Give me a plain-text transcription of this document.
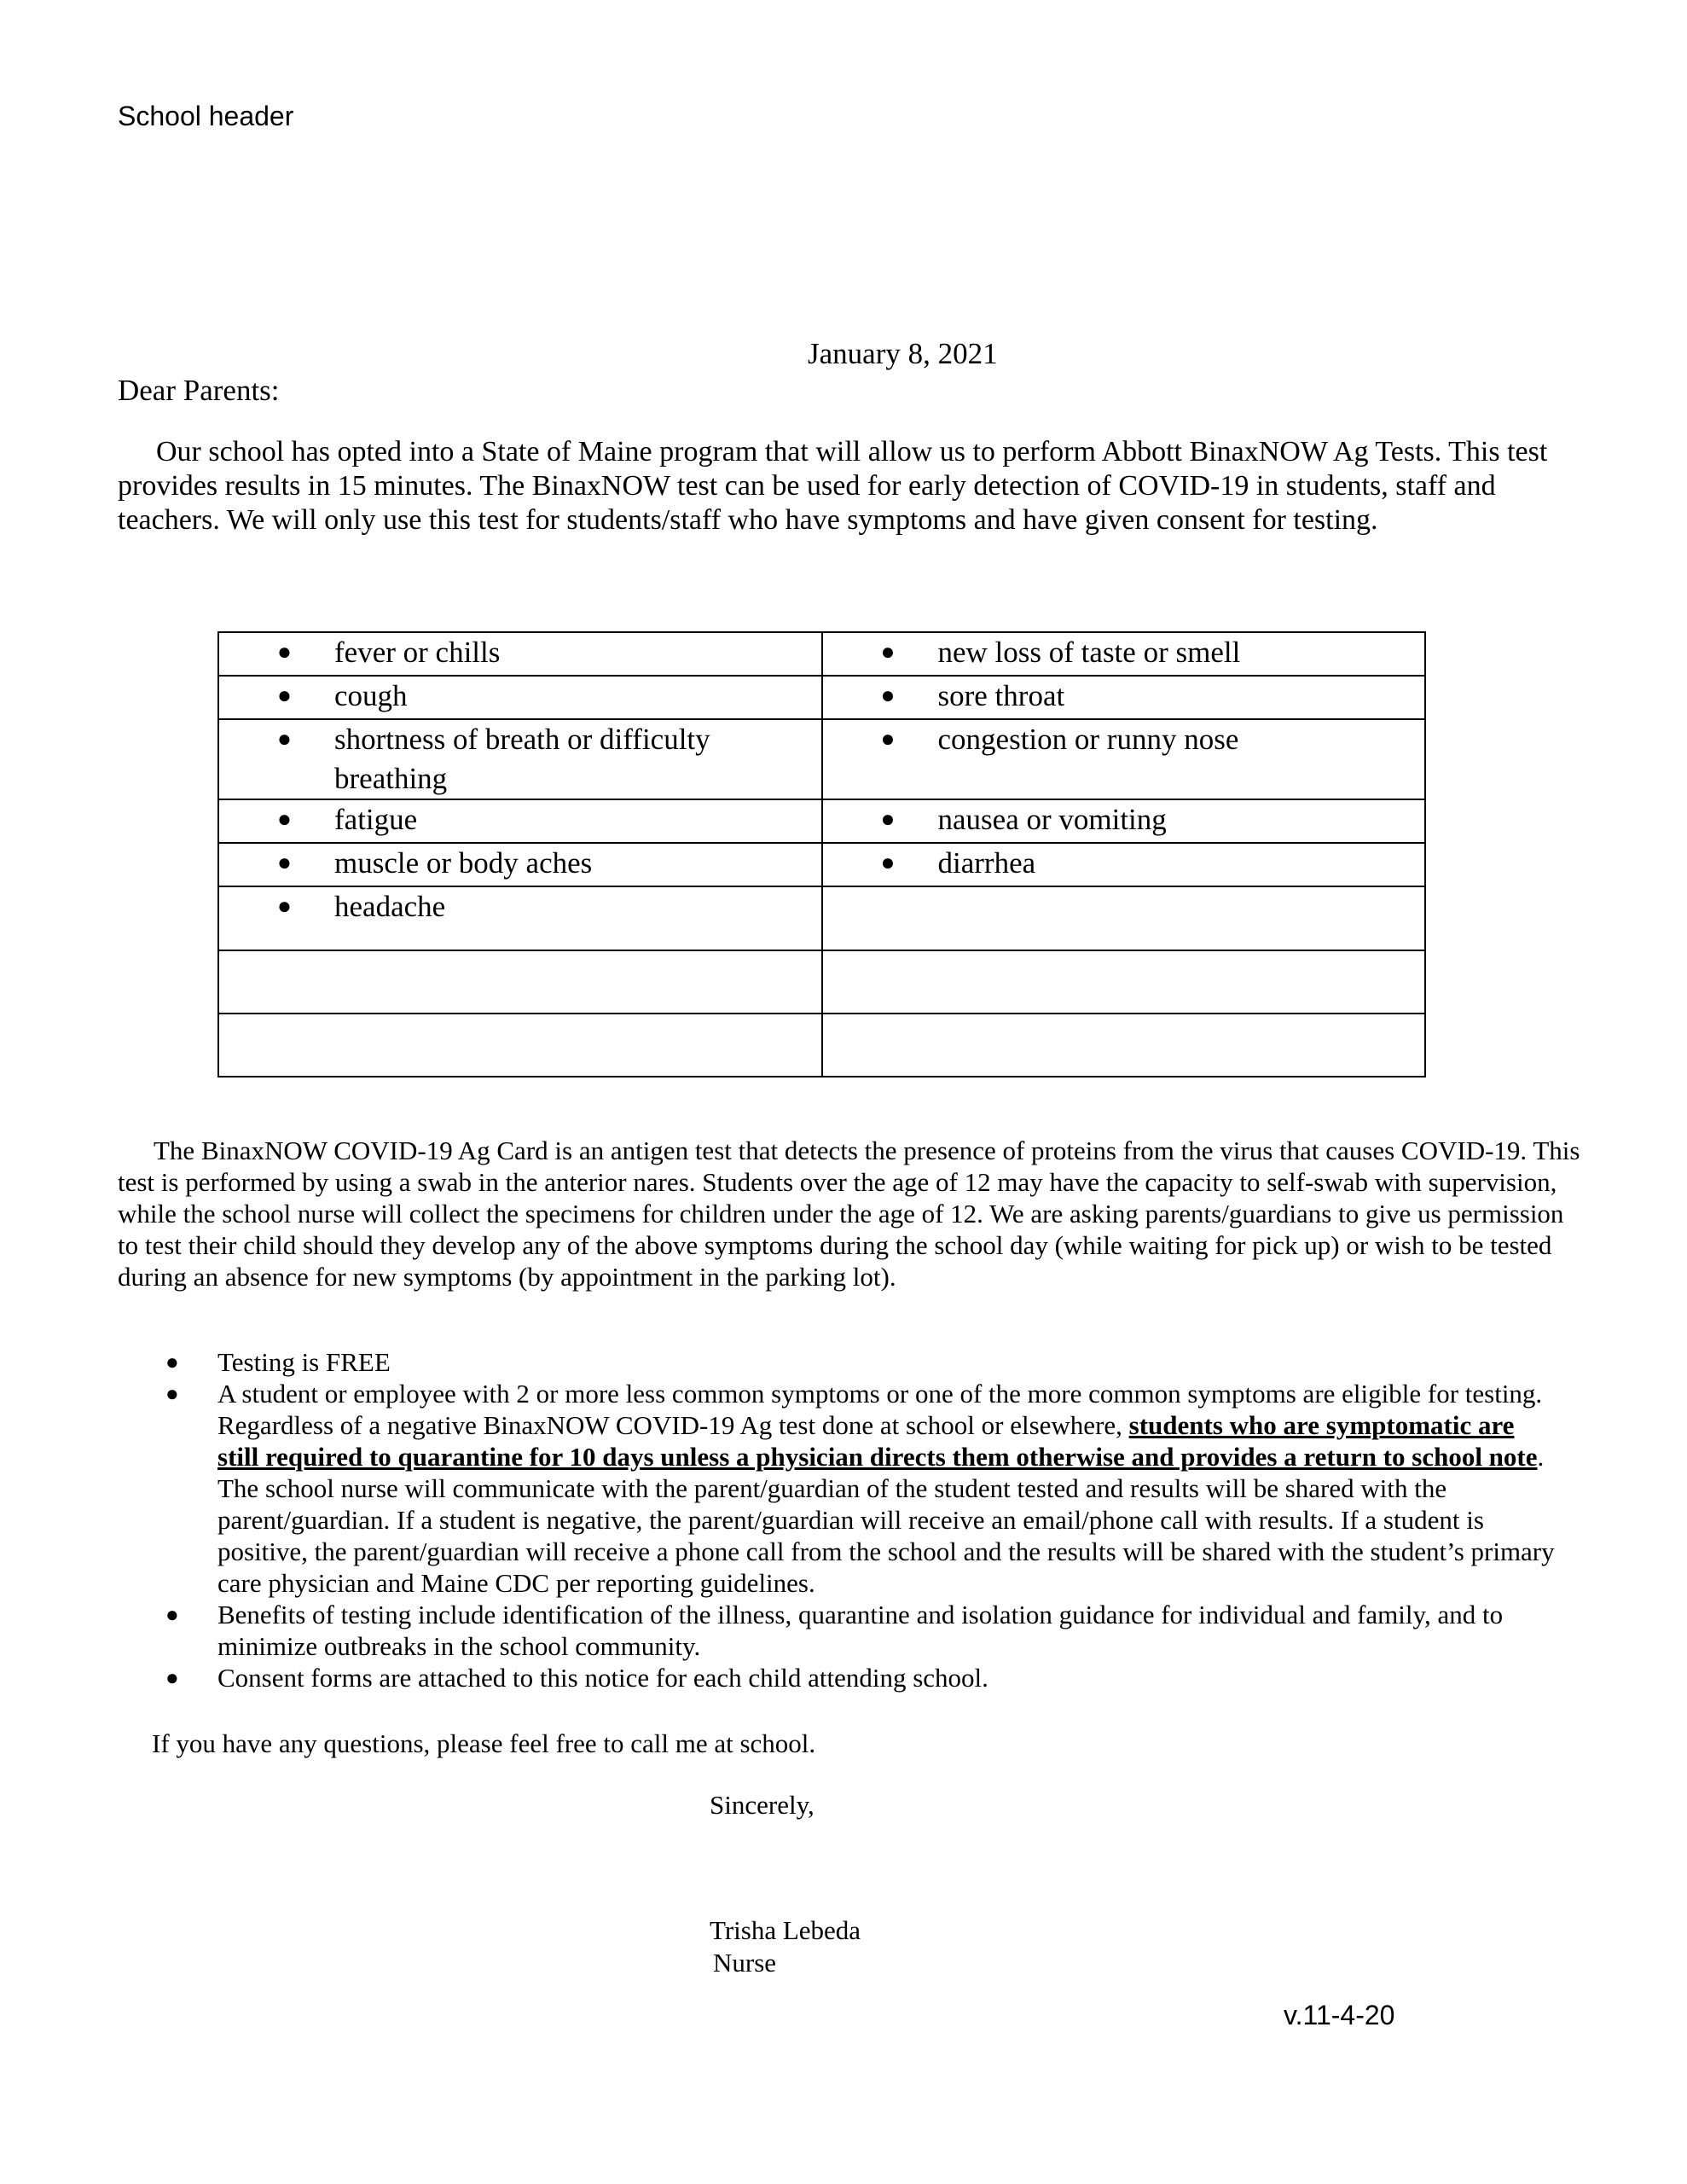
School header
January 8, 2021
Dear Parents:

Our school has opted into a State of Maine program that will allow us to perform Abbott BinaxNOW Ag Tests. This test provides results in 15 minutes. The BinaxNOW test can be used for early detection of COVID-19 in students, staff and teachers. We will only use this test for students/staff who have symptoms and have given consent for testing.

● fever or chills	● new loss of taste or smell

● cough	● sore throat

● shortness of breath or difficulty breathing	● congestion or runny nose

● fatigue	● nausea or vomiting

● muscle or body aches	● diarrhea

● headache	

The BinaxNOW COVID-19 Ag Card is an antigen test that detects the presence of proteins from the virus that causes COVID-19. This test is performed by using a swab in the anterior nares. Students over the age of 12 may have the capacity to self-swab with supervision, while the school nurse will collect the specimens for children under the age of 12. We are asking parents/guardians to give us permission to test their child should they develop any of the above symptoms during the school day (while waiting for pick up) or wish to be tested during an absence for new symptoms (by appointment in the parking lot).

● Testing is FREE
● A student or employee with 2 or more less common symptoms or one of the more common symptoms are eligible for testing. Regardless of a negative BinaxNOW COVID-19 Ag test done at school or elsewhere, students who are symptomatic are still required to quarantine for 10 days unless a physician directs them otherwise and provides a return to school note. The school nurse will communicate with the parent/guardian of the student tested and results will be shared with the parent/guardian. If a student is negative, the parent/guardian will receive an email/phone call with results. If a student is positive, the parent/guardian will receive a phone call from the school and the results will be shared with the student’s primary care physician and Maine CDC per reporting guidelines.
● Benefits of testing include identification of the illness, quarantine and isolation guidance for individual and family, and to minimize outbreaks in the school community.
● Consent forms are attached to this notice for each child attending school.
If you have any questions, please feel free to call me at school.
Sincerely,
Trisha Lebeda
Nurse
v.11-4-20
